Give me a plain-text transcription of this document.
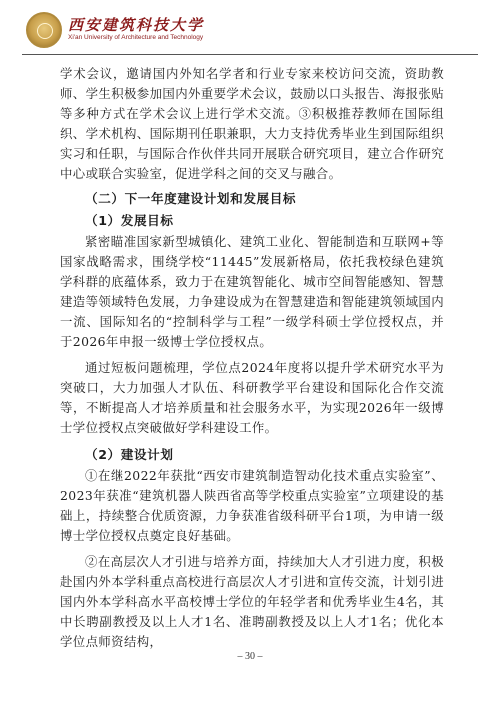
西安建筑科技大学
Xi'an University of Architecture and Technology

学术会议，邀请国内外知名学者和行业专家来校访问交流，资助教师、学生积极参加国内外重要学术会议，鼓励以口头报告、海报张贴等多种方式在学术会议上进行学术交流。③积极推荐教师在国际组织、学术机构、国际期刊任职兼职，大力支持优秀毕业生到国际组织实习和任职，与国际合作伙伴共同开展联合研究项目，建立合作研究中心或联合实验室，促进学科之间的交叉与融合。

（二）下一年度建设计划和发展目标

（1）发展目标

紧密瞄准国家新型城镇化、建筑工业化、智能制造和互联网+等国家战略需求，围绕学校“11445”发展新格局，依托我校绿色建筑学科群的底蕴体系，致力于在建筑智能化、城市空间智能感知、智慧建造等领域特色发展，力争建设成为在智慧建造和智能建筑领域国内一流、国际知名的“控制科学与工程”一级学科硕士学位授权点，并于2026年申报一级博士学位授权点。

通过短板问题梳理，学位点2024年度将以提升学术研究水平为突破口，大力加强人才队伍、科研教学平台建设和国际化合作交流等，不断提高人才培养质量和社会服务水平，为实现2026年一级博士学位授权点突破做好学科建设工作。

（2）建设计划

①在继2022年获批“西安市建筑制造智动化技术重点实验室”、2023年获准“建筑机器人陕西省高等学校重点实验室”立项建设的基础上，持续整合优质资源，力争获准省级科研平台1项，为申请一级博士学位授权点奠定良好基础。

②在高层次人才引进与培养方面，持续加大人才引进力度，积极赴国内外本学科重点高校进行高层次人才引进和宣传交流，计划引进国内外本学科高水平高校博士学位的年轻学者和优秀毕业生4名，其中长聘副教授及以上人才1名、准聘副教授及以上人才1名；优化本学位点师资结构，

– 30 –
